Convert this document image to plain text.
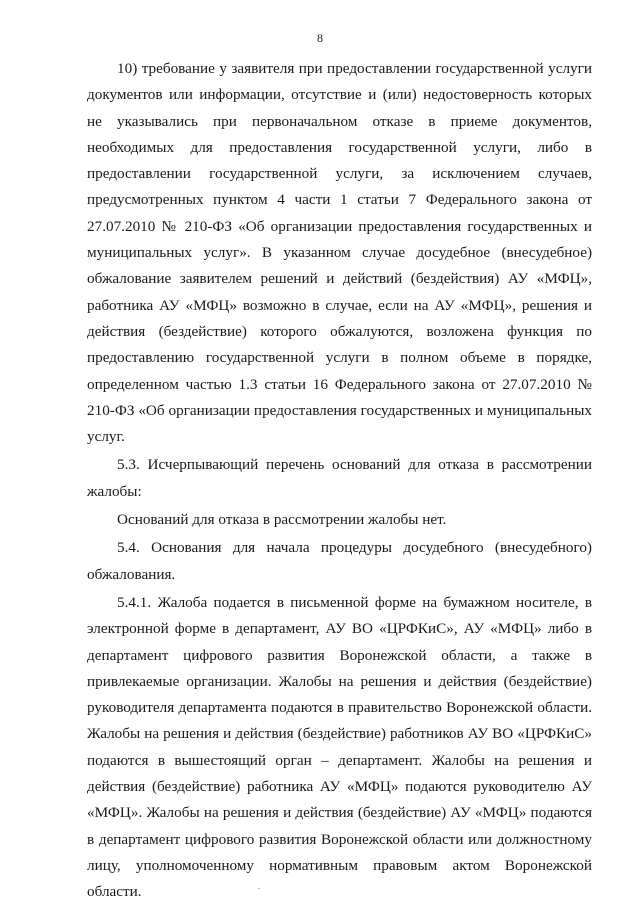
8

10) требование у заявителя при предоставлении государственной услуги документов или информации, отсутствие и (или) недостоверность которых не указывались при первоначальном отказе в приеме документов, необходимых для предоставления государственной услуги, либо в предоставлении государственной услуги, за исключением случаев, предусмотренных пунктом 4 части 1 статьи 7 Федерального закона от 27.07.2010 № 210-ФЗ «Об организации предоставления государственных и муниципальных услуг». В указанном случае досудебное (внесудебное) обжалование заявителем решений и действий (бездействия) АУ «МФЦ», работника АУ «МФЦ» возможно в случае, если на АУ «МФЦ», решения и действия (бездействие) которого обжалуются, возложена функция по предоставлению государственной услуги в полном объеме в порядке, определенном частью 1.3 статьи 16 Федерального закона от 27.07.2010 № 210-ФЗ «Об организации предоставления государственных и муниципальных услуг.

5.3. Исчерпывающий перечень оснований для отказа в рассмотрении жалобы:

Оснований для отказа в рассмотрении жалобы нет.

5.4. Основания для начала процедуры досудебного (внесудебного) обжалования.

5.4.1. Жалоба подается в письменной форме на бумажном носителе, в электронной форме в департамент, АУ ВО «ЦРФКиС», АУ «МФЦ» либо в департамент цифрового развития Воронежской области, а также в привлекаемые организации. Жалобы на решения и действия (бездействие) руководителя департамента подаются в правительство Воронежской области. Жалобы на решения и действия (бездействие) работников АУ ВО «ЦРФКиС» подаются в вышестоящий орган – департамент. Жалобы на решения и действия (бездействие) работника АУ «МФЦ» подаются руководителю АУ «МФЦ». Жалобы на решения и действия (бездействие) АУ «МФЦ» подаются в департамент цифрового развития Воронежской области или должностному лицу, уполномоченному нормативным правовым актом Воронежской области.
